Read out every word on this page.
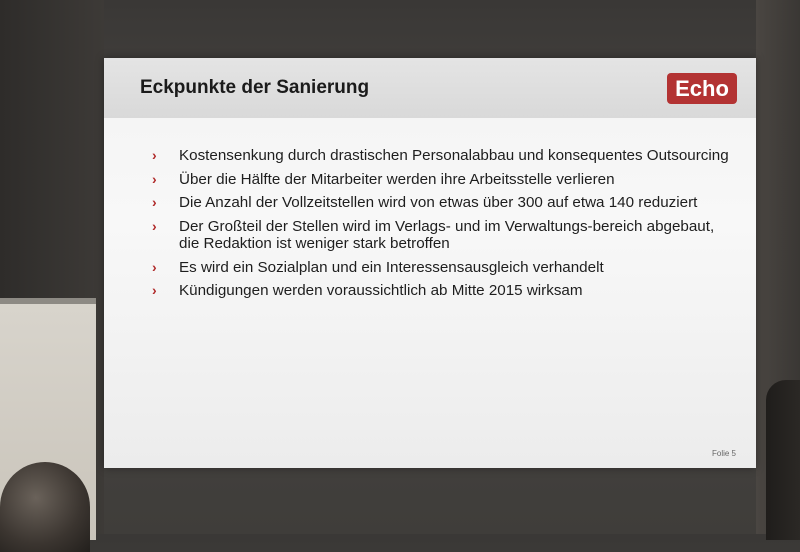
Eckpunkte der Sanierung	Echo
› Kostensenkung durch drastischen Personalabbau und konsequentes Outsourcing
› Über die Hälfte der Mitarbeiter werden ihre Arbeitsstelle verlieren
› Die Anzahl der Vollzeitstellen wird von etwas über 300 auf etwa 140 reduziert
› Der Großteil der Stellen wird im Verlags- und im Verwaltungs-bereich abgebaut, die Redaktion ist weniger stark betroffen
› Es wird ein Sozialplan und ein Interessensausgleich verhandelt
› Kündigungen werden voraussichtlich ab Mitte 2015 wirksam
Folie 5
